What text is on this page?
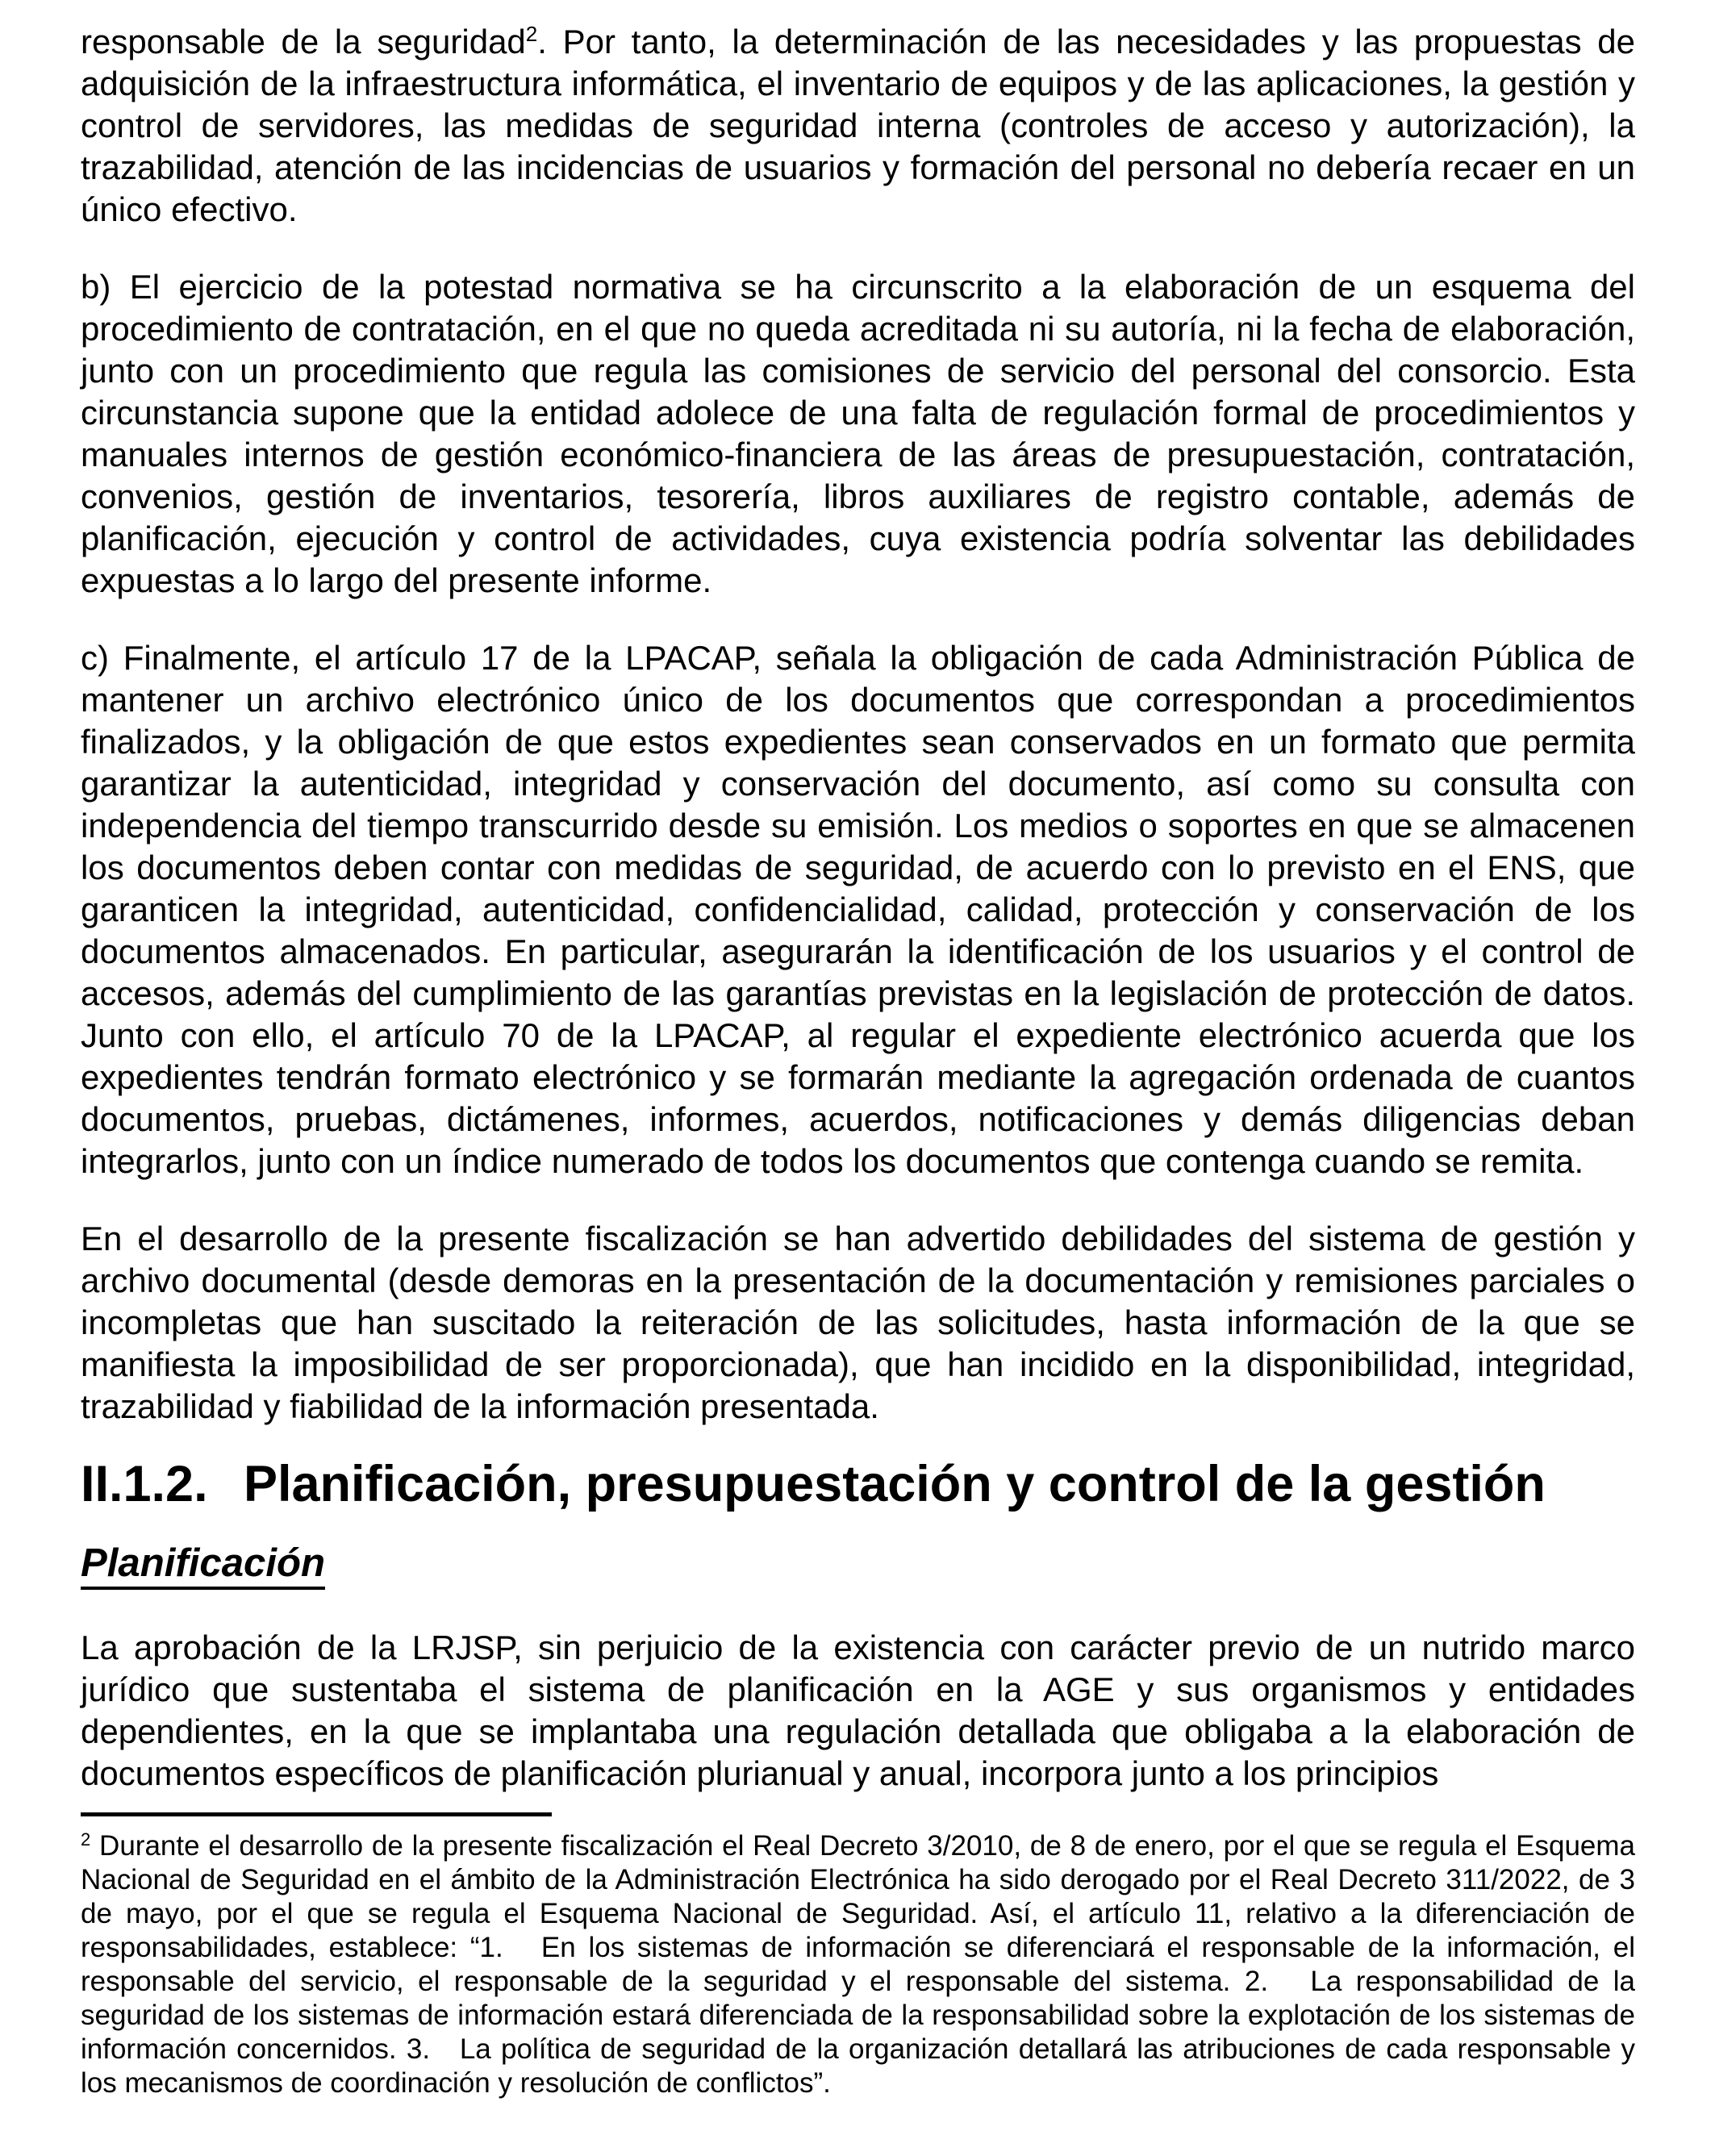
responsable de la seguridad$^2$. Por tanto, la determinación de las necesidades y las propuestas de adquisición de la infraestructura informática, el inventario de equipos y de las aplicaciones, la gestión y control de servidores, las medidas de seguridad interna (controles de acceso y autorización), la trazabilidad, atención de las incidencias de usuarios y formación del personal no debería recaer en un único efectivo.

b) El ejercicio de la potestad normativa se ha circunscrito a la elaboración de un esquema del procedimiento de contratación, en el que no queda acreditada ni su autoría, ni la fecha de elaboración, junto con un procedimiento que regula las comisiones de servicio del personal del consorcio. Esta circunstancia supone que la entidad adolece de una falta de regulación formal de procedimientos y manuales internos de gestión económico-financiera de las áreas de presupuestación, contratación, convenios, gestión de inventarios, tesorería, libros auxiliares de registro contable, además de planificación, ejecución y control de actividades, cuya existencia podría solventar las debilidades expuestas a lo largo del presente informe.

c) Finalmente, el artículo 17 de la LPACAP, señala la obligación de cada Administración Pública de mantener un archivo electrónico único de los documentos que correspondan a procedimientos finalizados, y la obligación de que estos expedientes sean conservados en un formato que permita garantizar la autenticidad, integridad y conservación del documento, así como su consulta con independencia del tiempo transcurrido desde su emisión. Los medios o soportes en que se almacenen los documentos deben contar con medidas de seguridad, de acuerdo con lo previsto en el ENS, que garanticen la integridad, autenticidad, confidencialidad, calidad, protección y conservación de los documentos almacenados. En particular, asegurarán la identificación de los usuarios y el control de accesos, además del cumplimiento de las garantías previstas en la legislación de protección de datos. Junto con ello, el artículo 70 de la LPACAP, al regular el expediente electrónico acuerda que los expedientes tendrán formato electrónico y se formarán mediante la agregación ordenada de cuantos documentos, pruebas, dictámenes, informes, acuerdos, notificaciones y demás diligencias deban integrarlos, junto con un índice numerado de todos los documentos que contenga cuando se remita.

En el desarrollo de la presente fiscalización se han advertido debilidades del sistema de gestión y archivo documental (desde demoras en la presentación de la documentación y remisiones parciales o incompletas que han suscitado la reiteración de las solicitudes, hasta información de la que se manifiesta la imposibilidad de ser proporcionada), que han incidido en la disponibilidad, integridad, trazabilidad y fiabilidad de la información presentada.

II.1.2. Planificación, presupuestación y control de la gestión
Planificación

La aprobación de la LRJSP, sin perjuicio de la existencia con carácter previo de un nutrido marco jurídico que sustentaba el sistema de planificación en la AGE y sus organismos y entidades dependientes, en la que se implantaba una regulación detallada que obligaba a la elaboración de documentos específicos de planificación plurianual y anual, incorpora junto a los principios

$^2$ Durante el desarrollo de la presente fiscalización el Real Decreto 3/2010, de 8 de enero, por el que se regula el Esquema Nacional de Seguridad en el ámbito de la Administración Electrónica ha sido derogado por el Real Decreto 311/2022, de 3 de mayo, por el que se regula el Esquema Nacional de Seguridad. Así, el artículo 11, relativo a la diferenciación de responsabilidades, establece: “1.   En los sistemas de información se diferenciará el responsable de la información, el responsable del servicio, el responsable de la seguridad y el responsable del sistema. 2.   La responsabilidad de la seguridad de los sistemas de información estará diferenciada de la responsabilidad sobre la explotación de los sistemas de información concernidos. 3.   La política de seguridad de la organización detallará las atribuciones de cada responsable y los mecanismos de coordinación y resolución de conflictos”.
